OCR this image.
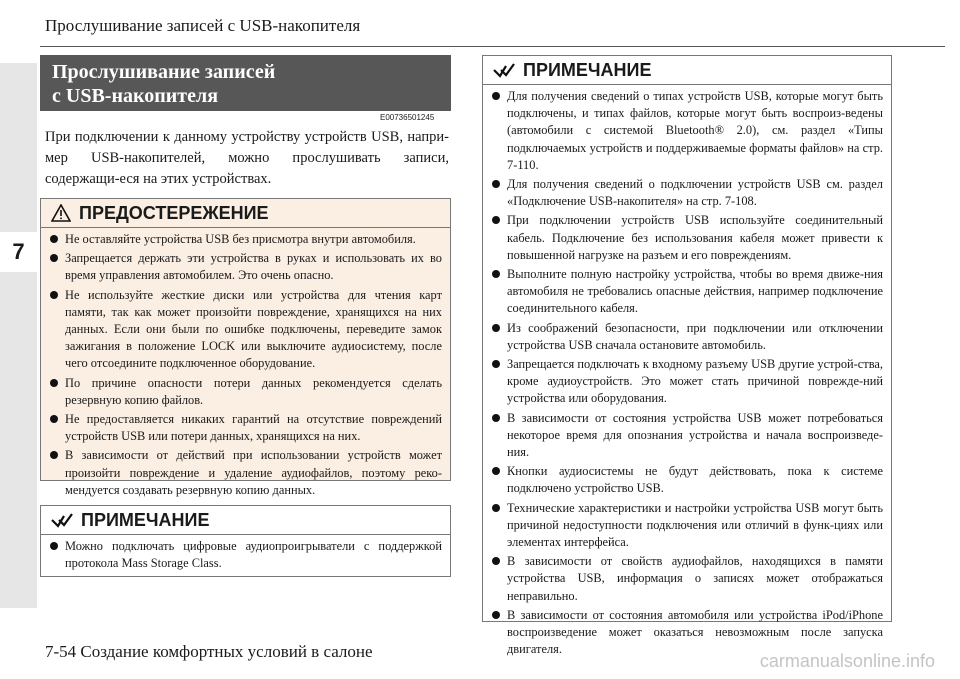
Прослушивание записей с USB-накопителя
7
Прослушивание записей
с USB-накопителя
E00736501245
При подключении к данному устройству устройств USB, напри-мер USB-накопителей, можно прослушивать записи, содержащи-еся на этих устройствах.
ПРЕДОСТЕРЕЖЕНИЕ
Не оставляйте устройства USB без присмотра внутри автомобиля.
Запрещается держать эти устройства в руках и использовать их во время управления автомобилем. Это очень опасно.
Не используйте жесткие диски или устройства для чтения карт памяти, так как может произойти повреждение, хранящихся на них данных. Если они были по ошибке подключены, переведите замок зажигания в положение LOCK или выключите аудиосистему, после чего отсоедините подключенное оборудование.
По причине опасности потери данных рекомендуется сделать резервную копию файлов.
Не предоставляется никаких гарантий на отсутствие повреждений устройств USB или потери данных, хранящихся на них.
В зависимости от действий при использовании устройств может произойти повреждение и удаление аудиофайлов, поэтому реко-мендуется создавать резервную копию данных.
ПРИМЕЧАНИЕ
Можно подключать цифровые аудиопроигрыватели с поддержкой протокола Mass Storage Class.
ПРИМЕЧАНИЕ
Для получения сведений о типах устройств USB, которые могут быть подключены, и типах файлов, которые могут быть воспроиз-ведены (автомобили с системой Bluetooth® 2.0), см. раздел «Типы подключаемых устройств и поддерживаемые форматы файлов» на стр. 7-110.
Для получения сведений о подключении устройств USB см. раздел «Подключение USB-накопителя» на стр. 7-108.
При подключении устройств USB используйте соединительный кабель. Подключение без использования кабеля может привести к повышенной нагрузке на разъем и его повреждениям.
Выполните полную настройку устройства, чтобы во время движе-ния автомобиля не требовались опасные действия, например подключение соединительного кабеля.
Из соображений безопасности, при подключении или отключении устройства USB сначала остановите автомобиль.
Запрещается подключать к входному разъему USB другие устрой-ства, кроме аудиоустройств. Это может стать причиной поврежде-ний устройства или оборудования.
В зависимости от состояния устройства USB может потребоваться некоторое время для опознания устройства и начала воспроизведе-ния.
Кнопки аудиосистемы не будут действовать, пока к системе подключено устройство USB.
Технические характеристики и настройки устройства USB могут быть причиной недоступности подключения или отличий в функ-циях или элементах интерфейса.
В зависимости от свойств аудиофайлов, находящихся в памяти устройства USB, информация о записях может отображаться неправильно.
В зависимости от состояния автомобиля или устройства iPod/iPhone воспроизведение может оказаться невозможным после запуска двигателя.
7-54 Создание комфортных условий в салоне	carmanualsonline.info
